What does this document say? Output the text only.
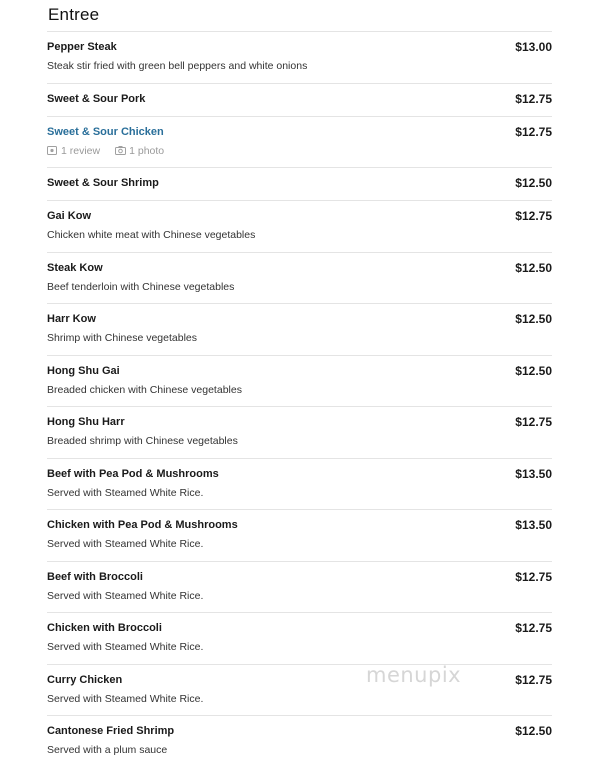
Entree
Pepper Steak	$13.00
Steak stir fried with green bell peppers and white onions
Sweet & Sour Pork	$12.75
Sweet & Sour Chicken	$12.75
1 review	1 photo
Sweet & Sour Shrimp	$12.50
Gai Kow	$12.75
Chicken white meat with Chinese vegetables
Steak Kow	$12.50
Beef tenderloin with Chinese vegetables
Harr Kow	$12.50
Shrimp with Chinese vegetables
Hong Shu Gai	$12.50
Breaded chicken with Chinese vegetables
Hong Shu Harr	$12.75
Breaded shrimp with Chinese vegetables
Beef with Pea Pod & Mushrooms	$13.50
Served with Steamed White Rice.
Chicken with Pea Pod & Mushrooms	$13.50
Served with Steamed White Rice.
Beef with Broccoli	$12.75
Served with Steamed White Rice.
Chicken with Broccoli	$12.75
Served with Steamed White Rice.
Curry Chicken	$12.75
Served with Steamed White Rice.
Cantonese Fried Shrimp	$12.50
Served with a plum sauce
menupix
